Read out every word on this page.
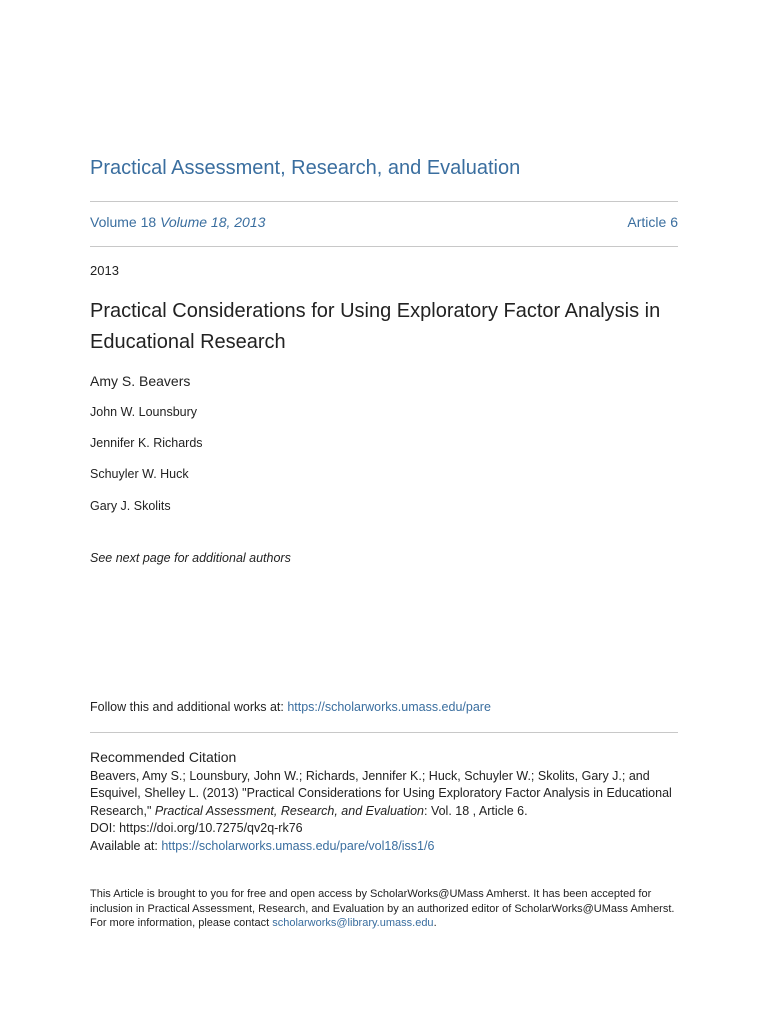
Practical Assessment, Research, and Evaluation
Volume 18 Volume 18, 2013	Article 6
2013
Practical Considerations for Using Exploratory Factor Analysis in Educational Research
Amy S. Beavers
John W. Lounsbury
Jennifer K. Richards
Schuyler W. Huck
Gary J. Skolits
See next page for additional authors
Follow this and additional works at: https://scholarworks.umass.edu/pare
Recommended Citation
Beavers, Amy S.; Lounsbury, John W.; Richards, Jennifer K.; Huck, Schuyler W.; Skolits, Gary J.; and Esquivel, Shelley L. (2013) "Practical Considerations for Using Exploratory Factor Analysis in Educational Research," Practical Assessment, Research, and Evaluation: Vol. 18 , Article 6.
DOI: https://doi.org/10.7275/qv2q-rk76
Available at: https://scholarworks.umass.edu/pare/vol18/iss1/6
This Article is brought to you for free and open access by ScholarWorks@UMass Amherst. It has been accepted for inclusion in Practical Assessment, Research, and Evaluation by an authorized editor of ScholarWorks@UMass Amherst. For more information, please contact scholarworks@library.umass.edu.
